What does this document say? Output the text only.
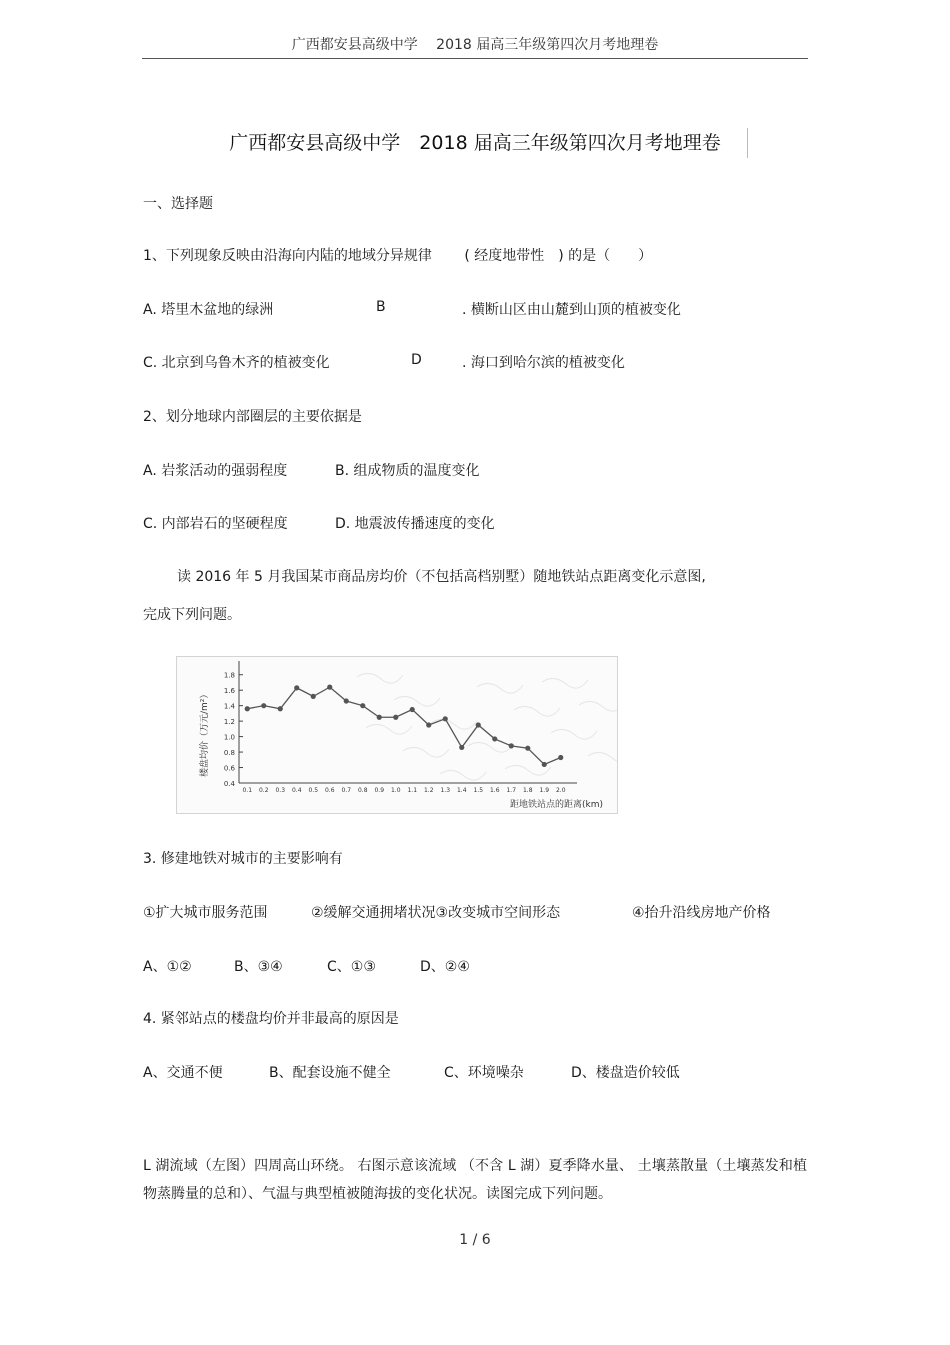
广西都安县高级中学　 2018 届高三年级第四次月考地理卷
广西都安县高级中学　2018 届高三年级第四次月考地理卷
一、选择题
1、下列现象反映由沿海向内陆的地域分异规律　　 ( 经度地带性　) 的是（　　）
A. 塔里木盆地的绿洲	B	. 横断山区由山麓到山顶的植被变化
C. 北京到乌鲁木齐的植被变化	D	. 海口到哈尔滨的植被变化
2、划分地球内部圈层的主要依据是
A. 岩浆活动的强弱程度	B. 组成物质的温度变化
C. 内部岩石的坚硬程度	D. 地震波传播速度的变化
读 2016 年 5 月我国某市商品房均价（不包括高档别墅）随地铁站点距离变化示意图,
完成下列问题。
0.4
0.6
0.8
1.0
1.2
1.4
1.6
1.8
0.1 0.2 0.3 0.4 0.5 0.6 0.7 0.8 0.9 1.0 1.1 1.2 1.3 1.4 1.5 1.6 1.7 1.8 1.9 2.0
楼盘均价（万元/m²）
距地铁站点的距离(km)
3. 修建地铁对城市的主要影响有
①扩大城市服务范围	②缓解交通拥堵状况③改变城市空间形态	④抬升沿线房地产价格
A、①②	B、③④	C、①③	D、②④
4. 紧邻站点的楼盘均价并非最高的原因是
A、交通不便	B、配套设施不健全	C、环境噪杂	D、楼盘造价较低
L 湖流域（左图）四周高山环绕。 右图示意该流域 （不含 L 湖）夏季降水量、 土壤蒸散量（土壤蒸发和植物蒸腾量的总和）、气温与典型植被随海拔的变化状况。读图完成下列问题。
1 / 6
